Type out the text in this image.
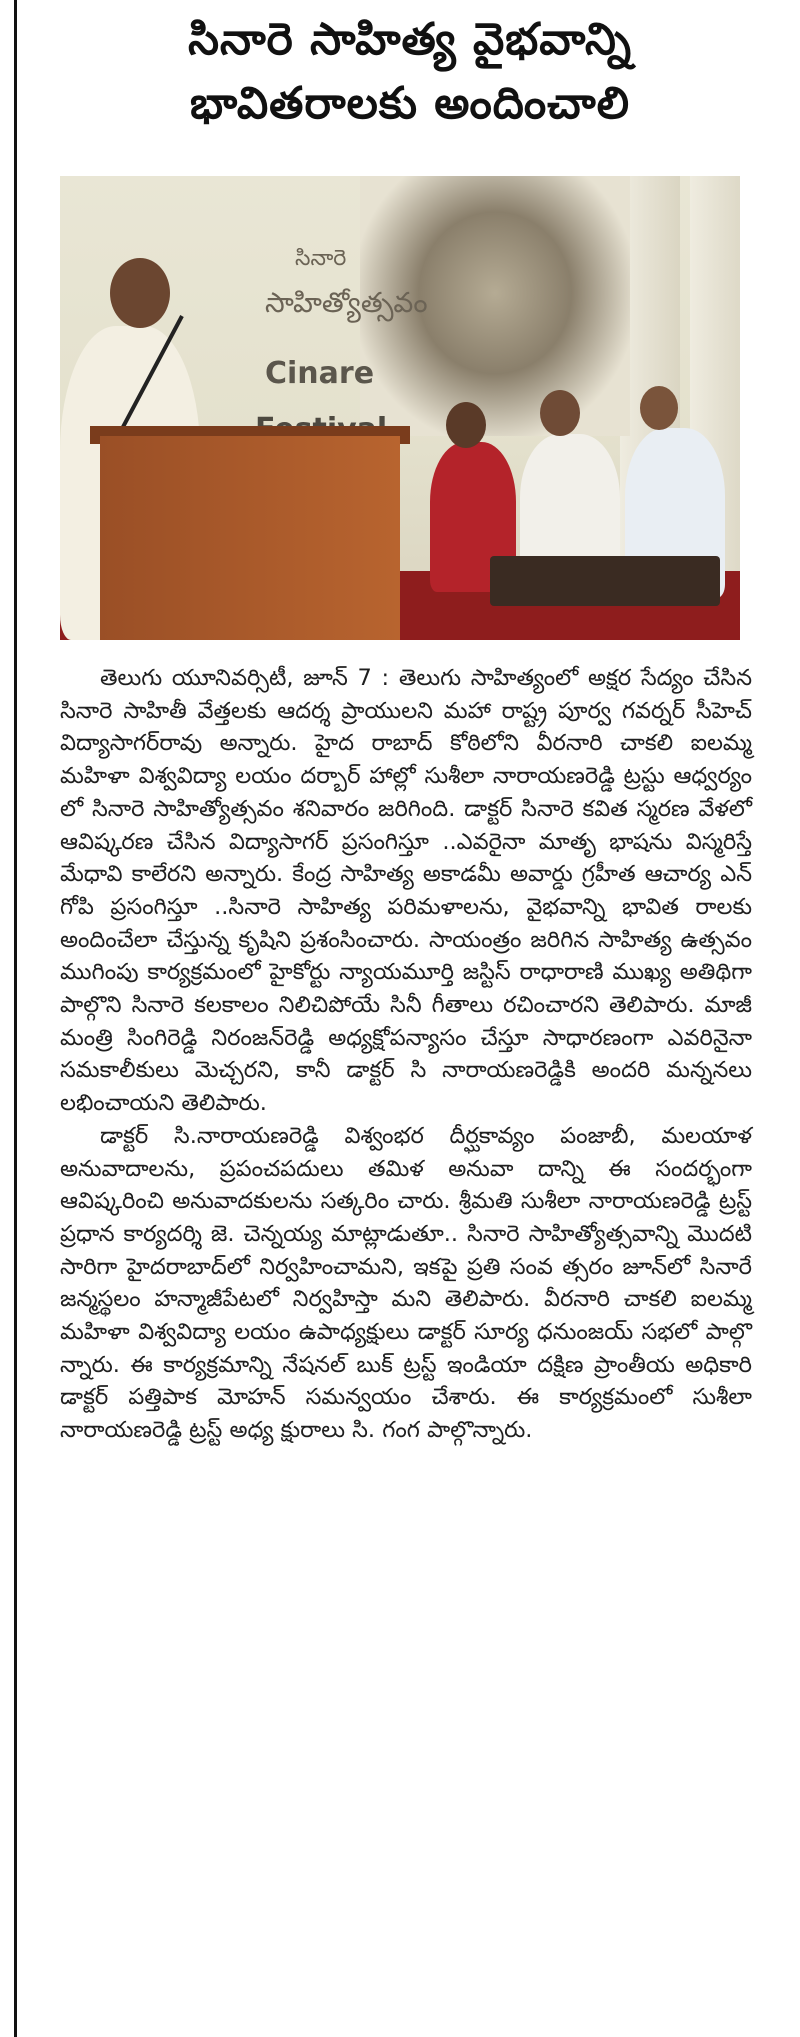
సినారె సాహిత్య వైభవాన్ని
భావితరాలకు అందించాలి
సినారె
సాహిత్యోత్సవం
Cinare

తెలుగు యూనివర్సిటీ, జూన్ 7 : తెలుగు సాహిత్యంలో అక్షర సేద్యం చేసిన సినారె సాహితీ వేత్తలకు ఆదర్శ ప్రాయులని మహా రాష్ట్ర పూర్వ గవర్నర్ సీహెచ్ విద్యాసాగర్‌రావు అన్నారు. హైద రాబాద్ కోఠిలోని వీరనారి చాకలి ఐలమ్మ మహిళా విశ్వవిద్యా లయం దర్బార్ హాల్లో సుశీలా నారాయణరెడ్డి ట్రస్టు ఆధ్వర్యం లో సినారె సాహిత్యోత్సవం శనివారం జరిగింది. డాక్టర్ సినారె కవిత స్మరణ వేళలో ఆవిష్కరణ చేసిన విద్యాసాగర్ ప్రసంగిస్తూ ..ఎవరైనా మాతృ భాషను విస్మరిస్తే మేధావి కాలేరని అన్నారు. కేంద్ర సాహిత్య అకాడమీ అవార్డు గ్రహీత ఆచార్య ఎన్ గోపి ప్రసంగిస్తూ ..సినారె సాహిత్య పరిమళాలను, వైభవాన్ని భావిత రాలకు అందించేలా చేస్తున్న కృషిని ప్రశంసించారు. సాయంత్రం జరిగిన సాహిత్య ఉత్సవం ముగింపు కార్యక్రమంలో హైకోర్టు న్యాయమూర్తి జస్టిస్ రాధారాణి ముఖ్య అతిథిగా పాల్గొని సినారె కలకాలం నిలిచిపోయే సినీ గీతాలు రచించారని తెలిపారు. మాజీ మంత్రి సింగిరెడ్డి నిరంజన్‌రెడ్డి అధ్యక్షోపన్యాసం చేస్తూ సాధారణంగా ఎవరినైనా సమకాలీకులు మెచ్చరని, కానీ డాక్టర్ సి నారాయణరెడ్డికి అందరి మన్ననలు లభించాయని తెలిపారు.

డాక్టర్ సి.నారాయణరెడ్డి విశ్వంభర దీర్ఘకావ్యం పంజాబీ, మలయాళ అనువాదాలను, ప్రపంచపదులు తమిళ అనువా దాన్ని ఈ సందర్భంగా ఆవిష్కరించి అనువాదకులను సత్కరిం చారు. శ్రీమతి సుశీలా నారాయణరెడ్డి ట్రస్ట్ ప్రధాన కార్యదర్శి జె. చెన్నయ్య మాట్లాడుతూ.. సినారె సాహిత్యోత్సవాన్ని మొదటి సారిగా హైదరాబాద్‌లో నిర్వహించామని, ఇకపై ప్రతి సంవ త్సరం జూన్‌లో సినారే జన్మస్థలం హన్మాజీపేటలో నిర్వహిస్తా మని తెలిపారు. వీరనారి చాకలి ఐలమ్మ మహిళా విశ్వవిద్యా లయం ఉపాధ్యక్షులు డాక్టర్ సూర్య ధనుంజయ్ సభలో పాల్గొ న్నారు. ఈ కార్యక్రమాన్ని నేషనల్ బుక్ ట్రస్ట్ ఇండియా దక్షిణ ప్రాంతీయ అధికారి డాక్టర్ పత్తిపాక మోహన్ సమన్వయం చేశారు. ఈ కార్యక్రమంలో సుశీలా నారాయణరెడ్డి ట్రస్ట్ అధ్య క్షురాలు సి. గంగ పాల్గొన్నారు.
